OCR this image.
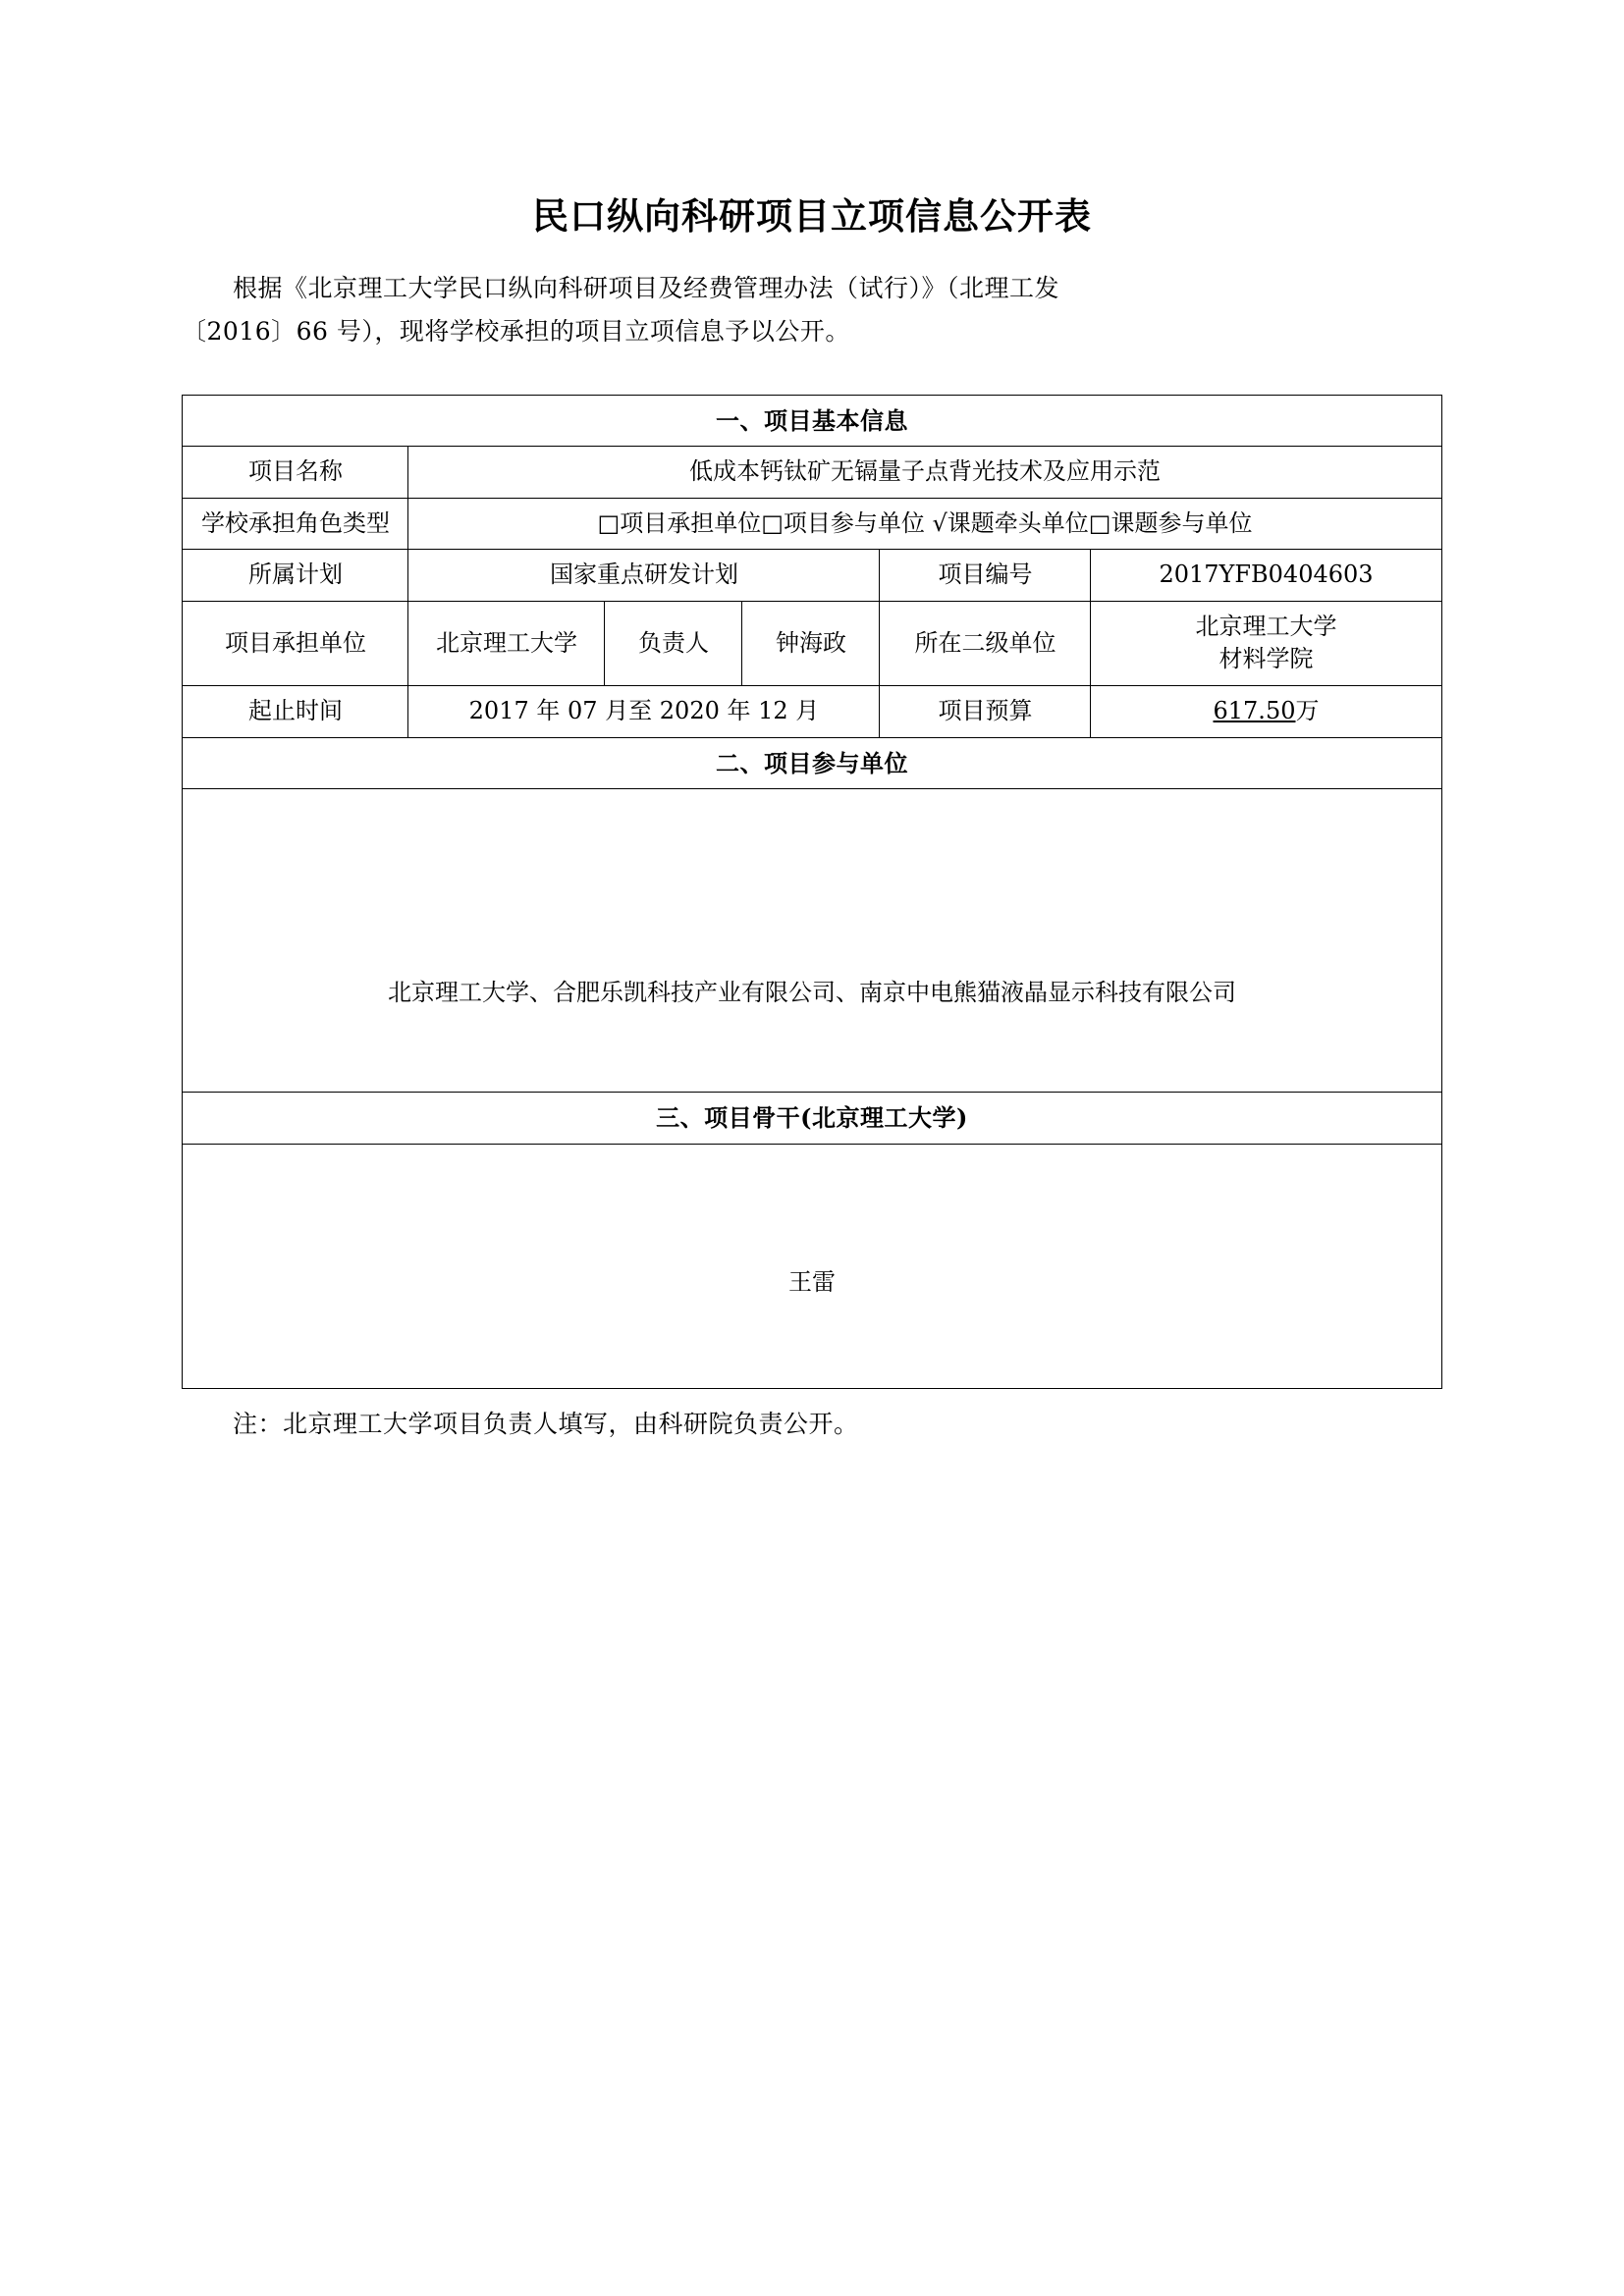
民口纵向科研项目立项信息公开表

根据《北京理工大学民口纵向科研项目及经费管理办法（试行）》（北理工发
〔2016〕66 号），现将学校承担的项目立项信息予以公开。

一、项目基本信息					
项目名称	低成本钙钛矿无镉量子点背光技术及应用示范				
学校承担角色类型	□项目承担单位□项目参与单位 √课题牵头单位□课题参与单位				
所属计划	国家重点研发计划			项目编号	2017YFB0404603
项目承担单位	北京理工大学	负责人	钟海政	所在二级单位	北京理工大学
材料学院
起止时间	2017 年 07 月至 2020 年 12 月			项目预算	617.50万
二、项目参与单位					

北京理工大学、合肥乐凯科技产业有限公司、南京中电熊猫液晶显示科技有限公司					

三、项目骨干(北京理工大学)					

王雷					

注：北京理工大学项目负责人填写，由科研院负责公开。
